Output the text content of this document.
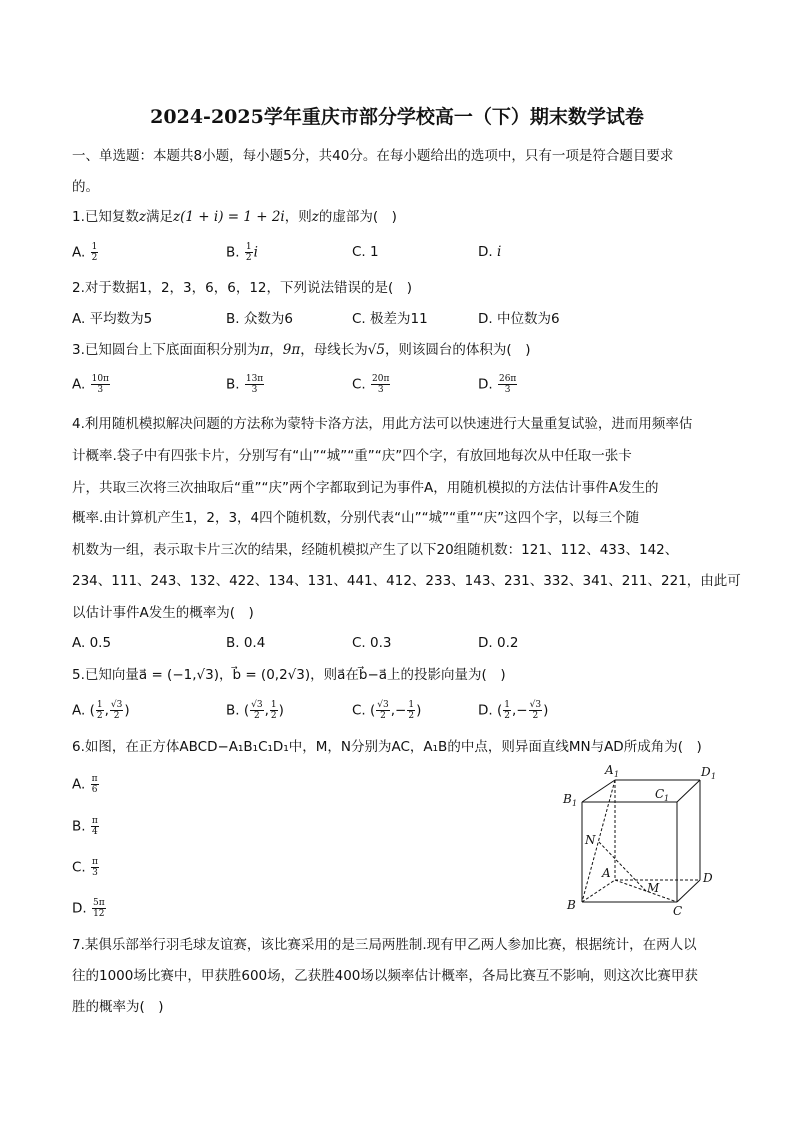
2024-2025学年重庆市部分学校高一（下）期末数学试卷
一、单选题：本题共8小题，每小题5分，共40分。在每小题给出的选项中，只有一项是符合题目要求
的。
1.已知复数z满足z(1 + i) = 1 + 2i，则z的虚部为(　)
A. $\frac{1}{2}$	B. $\frac{1}{2}$ i	C. 1	D. i
2.对于数据1，2，3，6，6，12，下列说法错误的是(　)
A. 平均数为5	B. 众数为6	C. 极差为11	D. 中位数为6
3.已知圆台上下底面面积分别为π，9π，母线长为√5，则该圆台的体积为(　)
A. $\frac{10\pi}{3}$	B. $\frac{13\pi}{3}$	C. $\frac{20\pi}{3}$	D. $\frac{26\pi}{3}$
4.利用随机模拟解决问题的方法称为蒙特卡洛方法，用此方法可以快速进行大量重复试验，进而用频率估
计概率.袋子中有四张卡片，分别写有“山”“城”“重”“庆”四个字，有放回地每次从中任取一张卡
片，共取三次将三次抽取后“重”“庆”两个字都取到记为事件A，用随机模拟的方法估计事件A发生的
概率.由计算机产生1，2，3，4四个随机数，分别代表“山”“城”“重”“庆”这四个字，以每三个随
机数为一组，表示取卡片三次的结果，经随机模拟产生了以下20组随机数：121、112、433、142、
234、111、243、132、422、134、131、441、412、233、143、231、332、341、211、221，由此可
以估计事件A发生的概率为(　)
A. 0.5	B. 0.4	C. 0.3	D. 0.2
5.已知向量a⃗ = (−1,√3)，b⃗ = (0,2√3)，则a⃗在b⃗−a⃗上的投影向量为(　)
A. ( $\frac{1}{2}$ , $\frac{√3}{2}$ )	B. ( $\frac{√3}{2}$ , $\frac{1}{2}$ )	C. ( $\frac{√3}{2}$ ,− $\frac{1}{2}$ )	D. ( $\frac{1}{2}$ ,− $\frac{√3}{2}$ )
6.如图，在正方体ABCD−A₁B₁C₁D₁中，M，N分别为AC，A₁B的中点，则异面直线MN与AD所成角为(　)
A. $\frac{\pi}{6}$
B. $\frac{\pi}{4}$
C. $\frac{\pi}{3}$
D. $\frac{5\pi}{12}$
A 1	D 1
B 1
C 1
N
A
M
D
B	C
7.某俱乐部举行羽毛球友谊赛，该比赛采用的是三局两胜制.现有甲乙两人参加比赛，根据统计，在两人以
往的1000场比赛中，甲获胜600场，乙获胜400场以频率估计概率，各局比赛互不影响，则这次比赛甲获
胜的概率为(　)
